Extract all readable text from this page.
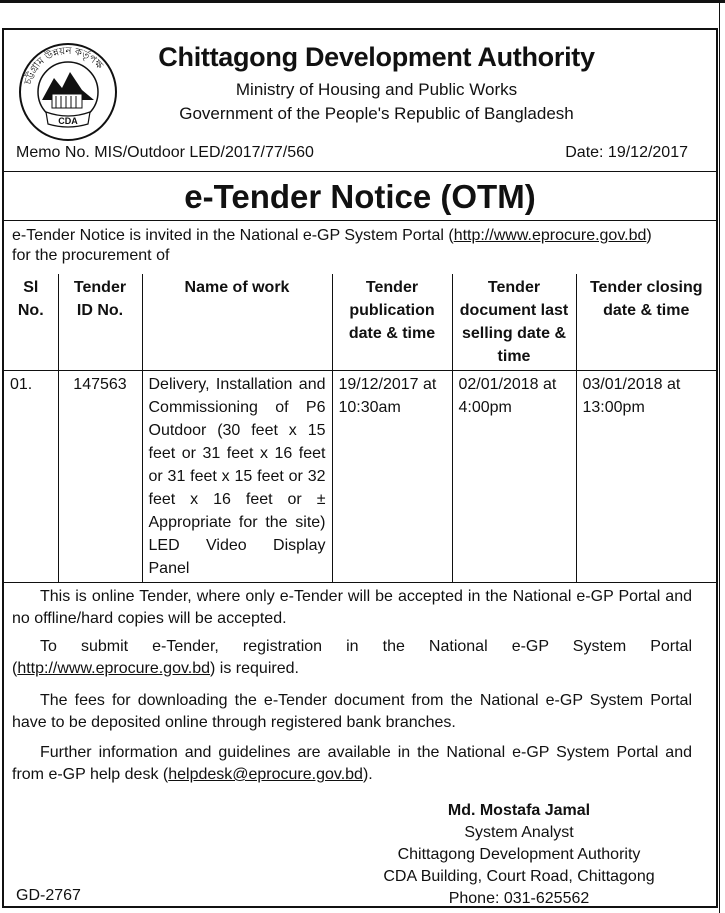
চট্টগ্রাম উন্নয়ন কর্তৃপক্ষ
CDA
Chittagong Development Authority
Ministry of Housing and Public Works
Government of the People's Republic of Bangladesh
Memo No. MIS/Outdoor LED/2017/77/560	Date: 19/12/2017
e-Tender Notice (OTM)
e-Tender Notice is invited in the National e-GP System Portal (http://www.eprocure.gov.bd)
for the procurement of
Sl No.	Tender ID No.	Name of work	Tender publication date & time	Tender document last selling date & time	Tender closing date & time
01.	147563	Delivery, Installation and Commissioning of P6 Outdoor (30 feet x 15 feet or 31 feet x 16 feet or 31 feet x 15 feet or 32 feet x 16 feet or ± Appropriate for the site) LED Video Display Panel	19/12/2017 at 10:30am	02/01/2018 at 4:00pm	03/01/2018 at 13:00pm
This is online Tender, where only e-Tender will be accepted in the National e-GP Portal and no offline/hard copies will be accepted.
To submit e-Tender, registration in the National e-GP System Portal (http://www.eprocure.gov.bd) is required.
The fees for downloading the e-Tender document from the National e-GP System Portal have to be deposited online through registered bank branches.
Further information and guidelines are available in the National e-GP System Portal and from e-GP help desk (helpdesk@eprocure.gov.bd).
Md. Mostafa Jamal
System Analyst
Chittagong Development Authority
CDA Building, Court Road, Chittagong
Phone: 031-625562
GD-2767
